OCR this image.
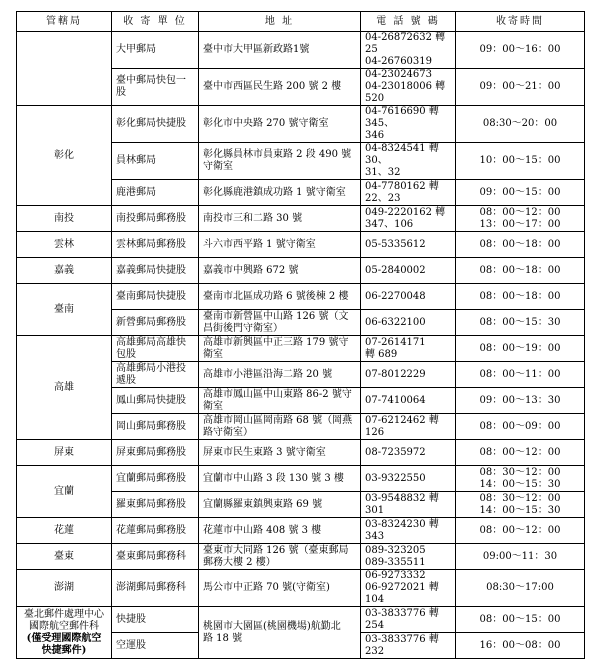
管轄局	收 寄 單 位	地 址	電 話 號 碼	收寄時間

	大甲郵局	臺中市大甲區新政路1號	04-26872632 轉 25
04-26760319	09：00～16：00

	臺中郵局快包一
股	臺中市西區民生路 200 號 2 樓	04-23024673
04-23018006 轉 520	09：00～21：00

彰化	彰化郵局快捷股	彰化市中央路 270 號守衛室	04-7616690 轉 345、
346	08:30～20：00

	員林郵局	彰化縣員林市員東路 2 段 490 號
守衛室	04-8324541 轉 30、
31、32	10：00～15：00

	鹿港郵局	彰化縣鹿港鎮成功路 1 號守衛室	04-7780162 轉 22、23	09：00～15：00

南投	南投郵局郵務股	南投市三和二路 30 號	049-2220162 轉
347、106	08：00～12：00
13：00～17：00

雲林	雲林郵局郵務股	斗六市西平路 1 號守衛室	05-5335612	08：00～18：00

嘉義	嘉義郵局快捷股	嘉義市中興路 672 號	05-2840002	08：00～18：00

臺南	臺南郵局快捷股	臺南市北區成功路 6 號後棟 2 樓	06-2270048	08：00～18：00

	新營郵局郵務股	臺南市新營區中山路 126 號（文
昌街後門守衛室）	06-6322100	08：00～15：30

高雄	高雄郵局高雄快
包股	高雄市新興區中正三路 179 號守
衛室	07-2614171
轉 689	08：00～19：00

	高雄郵局小港投
遞股	高雄市小港區沿海二路 20 號	07-8012229	08：00～11：00

	鳳山郵局快捷股	高雄市鳳山區中山東路 86-2 號守
衛室	07-7410064	09：00～13：30

	岡山郵局郵務股	高雄市岡山區岡南路 68 號（岡燕
路守衛室）	07-6212462 轉 126	08：00～09：00

屏東	屏東郵局郵務股	屏東市民生東路 3 號守衛室	08-7235972	08：00～12：00

宜蘭	宜蘭郵局郵務股	宜蘭市中山路 3 段 130 號 3 樓	03-9322550	08：30～12：00
14：00～15：30

	羅東郵局郵務股	宜蘭縣羅東鎮興東路 69 號	03-9548832 轉 301	08：30～12：00
14：00～15：30

花蓮	花蓮郵局郵務股	花蓮市中山路 408 號 3 樓	03-8324230 轉 343	08：00～12：00

臺東	臺東郵局郵務科	臺東市大同路 126 號（臺東郵局
郵務大樓 2 樓）	089-323205
089-335511	09:00～11：30

澎湖	澎湖郵局郵務科	馬公市中正路 70 號(守衛室)	06-9273332
06-9272021 轉 104	08:30～17:00

臺北郵件處理中心
國際航空郵件科
(僅受理國際航空
快捷郵件)	快捷股	桃園市大園區(桃園機場)航勤北
路 18 號	03-3833776 轉 254	08：00～15：00

	空運股		03-3833776 轉 232	16：00～08：00
